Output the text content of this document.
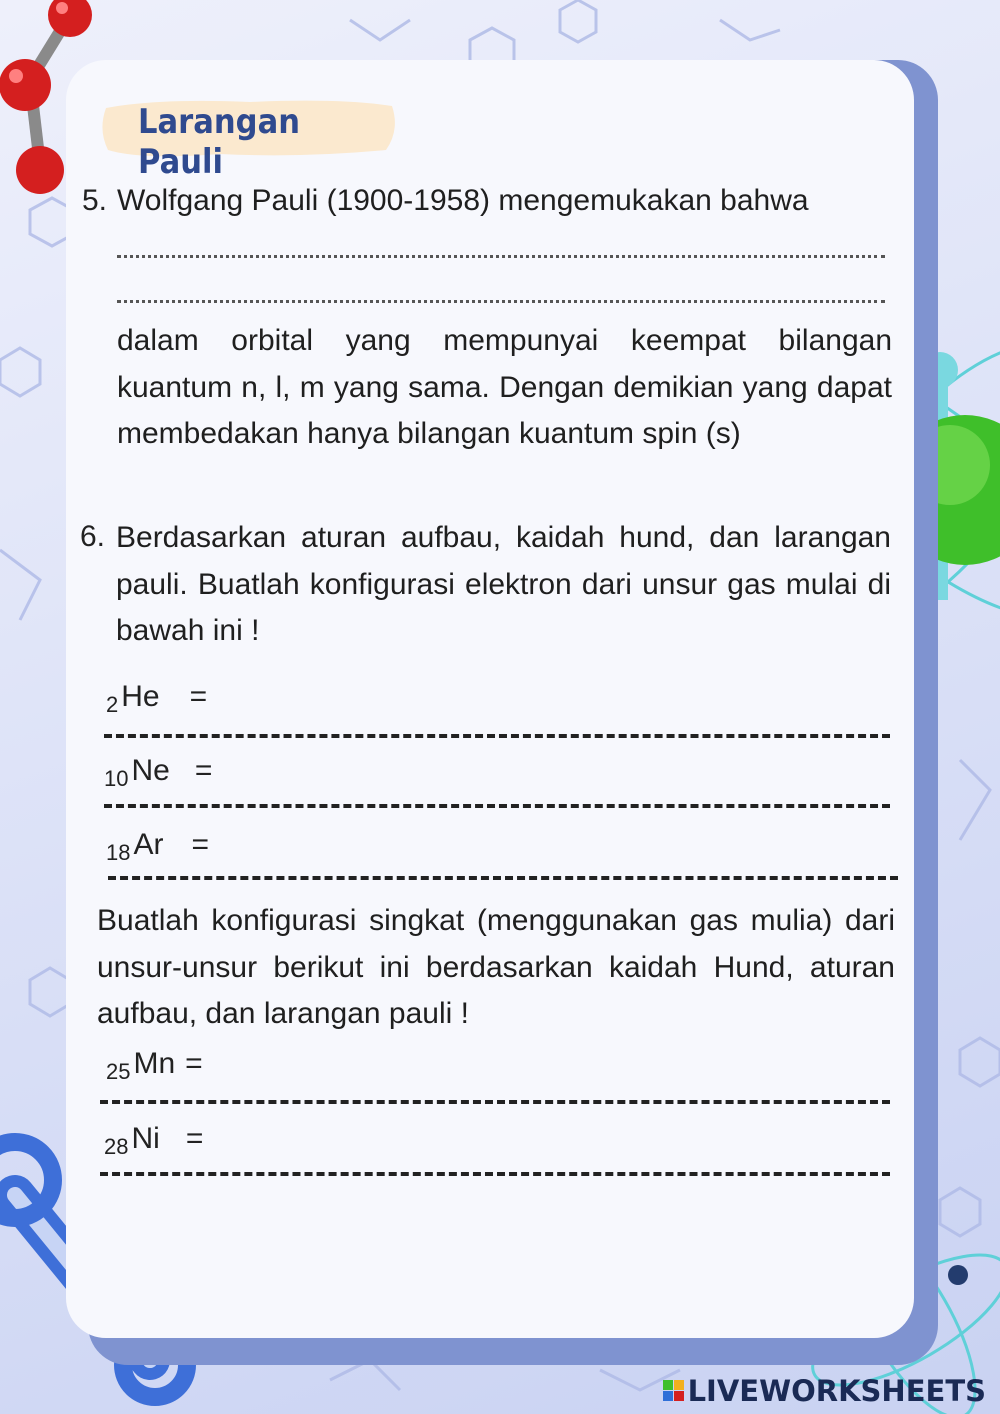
Larangan Pauli
5. Wolfgang Pauli (1900-1958) mengemukakan bahwa
dalam orbital yang mempunyai keempat bilangan kuantum n, l, m yang sama. Dengan demikian yang dapat membedakan hanya bilangan kuantum spin (s)
6. Berdasarkan aturan aufbau, kaidah hund, dan larangan pauli. Buatlah konfigurasi elektron dari unsur gas mulai di bawah ini !
$_2$ He =
$_{10}$ Ne =
$_{18}$ Ar =
Buatlah konfigurasi singkat (menggunakan gas mulia) dari unsur-unsur berikut ini berdasarkan kaidah Hund, aturan aufbau, dan larangan pauli !
$_{25}$ Mn =
$_{28}$ Ni =
LIVEWORKSHEETS
